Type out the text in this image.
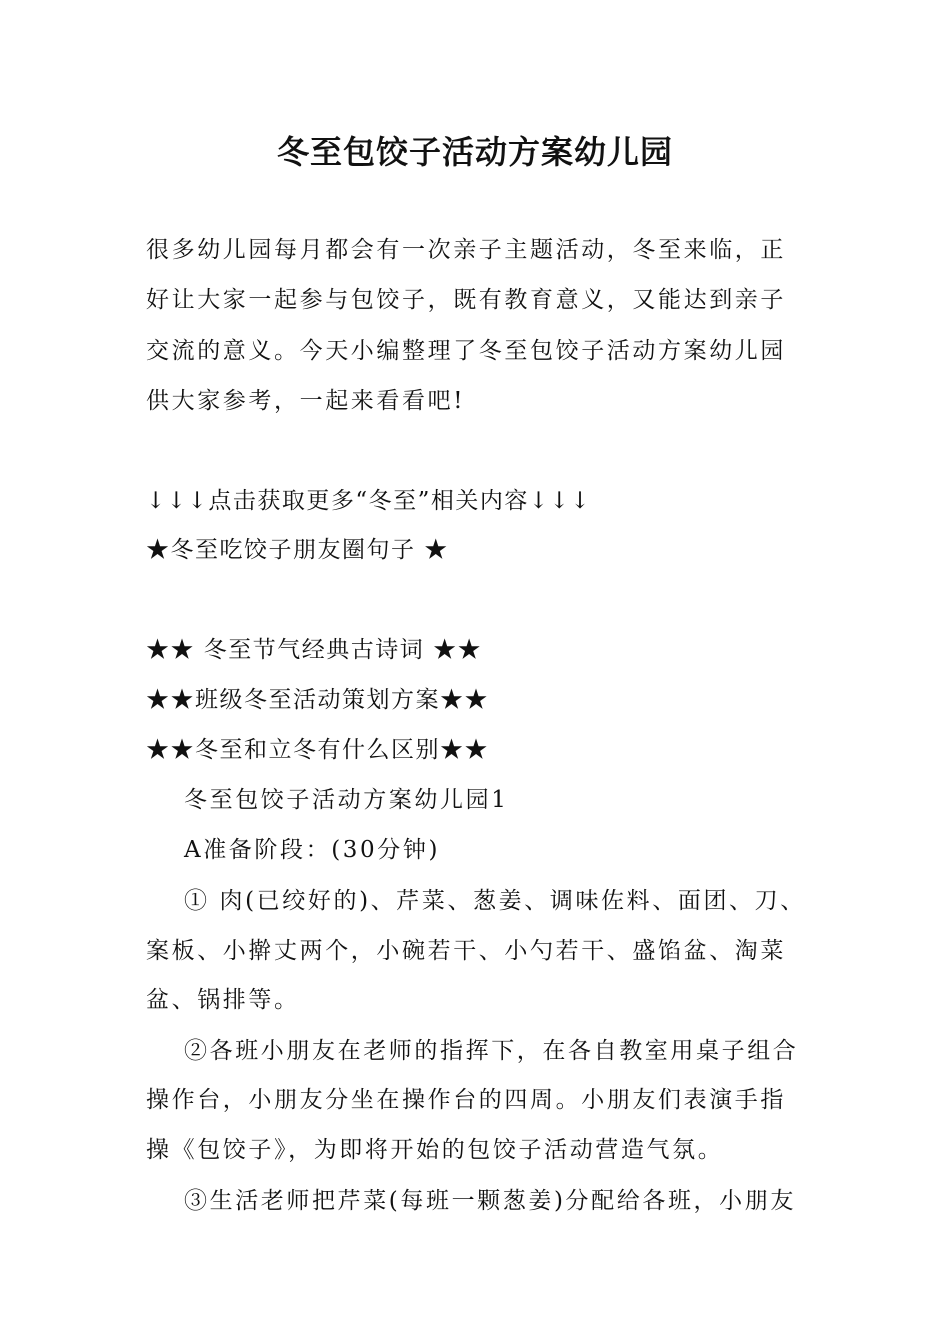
冬至包饺子活动方案幼儿园
很多幼儿园每月都会有一次亲子主题活动，冬至来临，正
好让大家一起参与包饺子，既有教育意义，又能达到亲子
交流的意义。今天小编整理了冬至包饺子活动方案幼儿园
供大家参考，一起来看看吧!
↓↓↓点击获取更多“冬至”相关内容↓↓↓
★冬至吃饺子朋友圈句子 ★
★★ 冬至节气经典古诗词 ★★
★★班级冬至活动策划方案★★
★★冬至和立冬有什么区别★★
冬至包饺子活动方案幼儿园1
A准备阶段：(30分钟)
① 肉(已绞好的)、芹菜、葱姜、调味佐料、面团、刀、
案板、小擀丈两个，小碗若干、小勺若干、盛馅盆、淘菜
盆、锅排等。
②各班小朋友在老师的指挥下，在各自教室用桌子组合
操作台，小朋友分坐在操作台的四周。小朋友们表演手指
操《包饺子》，为即将开始的包饺子活动营造气氛。
③生活老师把芹菜(每班一颗葱姜)分配给各班，小朋友
